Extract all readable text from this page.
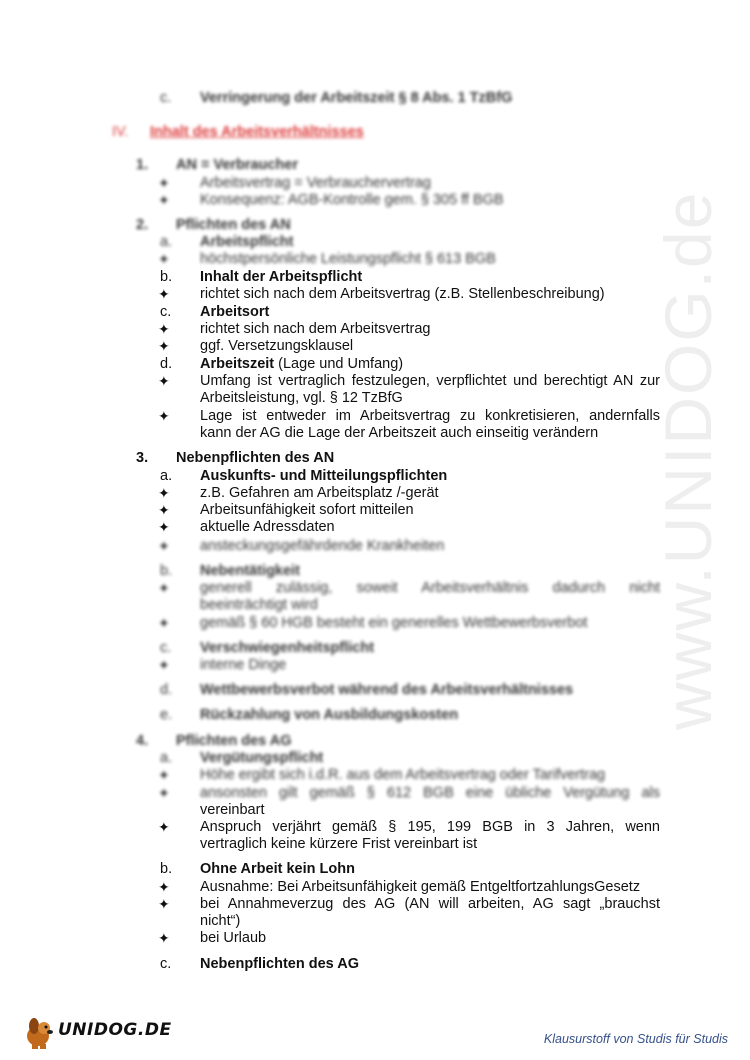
www.UNIDOG.de
c. Verringerung der Arbeitszeit § 8 Abs. 1 TzBfG
IV. Inhalt des Arbeitsverhältnisses
1. AN = Verbraucher
✦ Arbeitsvertrag = Verbrauchervertrag
✦ Konsequenz: AGB-Kontrolle gem. § 305 ff BGB
2. Pflichten des AN
a. Arbeitspflicht
✦ höchstpersönliche Leistungspflicht § 613 BGB
b. Inhalt der Arbeitspflicht
✦ richtet sich nach dem Arbeitsvertrag (z.B. Stellenbeschreibung)
c. Arbeitsort
✦ richtet sich nach dem Arbeitsvertrag
✦ ggf. Versetzungsklausel
d. Arbeitszeit (Lage und Umfang)
✦ Umfang ist vertraglich festzulegen, verpflichtet und berechtigt AN zur
Arbeitsleistung, vgl. § 12 TzBfG
✦ Lage ist entweder im Arbeitsvertrag zu konkretisieren, andernfalls
kann der AG die Lage der Arbeitszeit auch einseitig verändern
3. Nebenpflichten des AN
a. Auskunfts- und Mitteilungspflichten
✦ z.B. Gefahren am Arbeitsplatz /-gerät
✦ Arbeitsunfähigkeit sofort mitteilen
✦ aktuelle Adressdaten
✦ ansteckungsgefährdende Krankheiten
b. Nebentätigkeit
✦ generell zulässig, soweit Arbeitsverhältnis dadurch nicht
beeinträchtigt wird
✦ gemäß § 60 HGB besteht ein generelles Wettbewerbsverbot
c. Verschwiegenheitspflicht
✦ interne Dinge
d. Wettbewerbsverbot während des Arbeitsverhältnisses
e. Rückzahlung von Ausbildungskosten
4. Pflichten des AG
a. Vergütungspflicht
✦ Höhe ergibt sich i.d.R. aus dem Arbeitsvertrag oder Tarifvertrag
✦ ansonsten gilt gemäß § 612 BGB eine übliche Vergütung als
vereinbart
✦ Anspruch verjährt gemäß § 195, 199 BGB in 3 Jahren, wenn
vertraglich keine kürzere Frist vereinbart ist
b. Ohne Arbeit kein Lohn
✦ Ausnahme: Bei Arbeitsunfähigkeit gemäß EntgeltfortzahlungsGesetz
✦ bei Annahmeverzug des AG (AN will arbeiten, AG sagt „brauchst
nicht“)
✦ bei Urlaub
c. Nebenpflichten des AG
UNIDOG.DE	Klausurstoff von Studis für Studis
